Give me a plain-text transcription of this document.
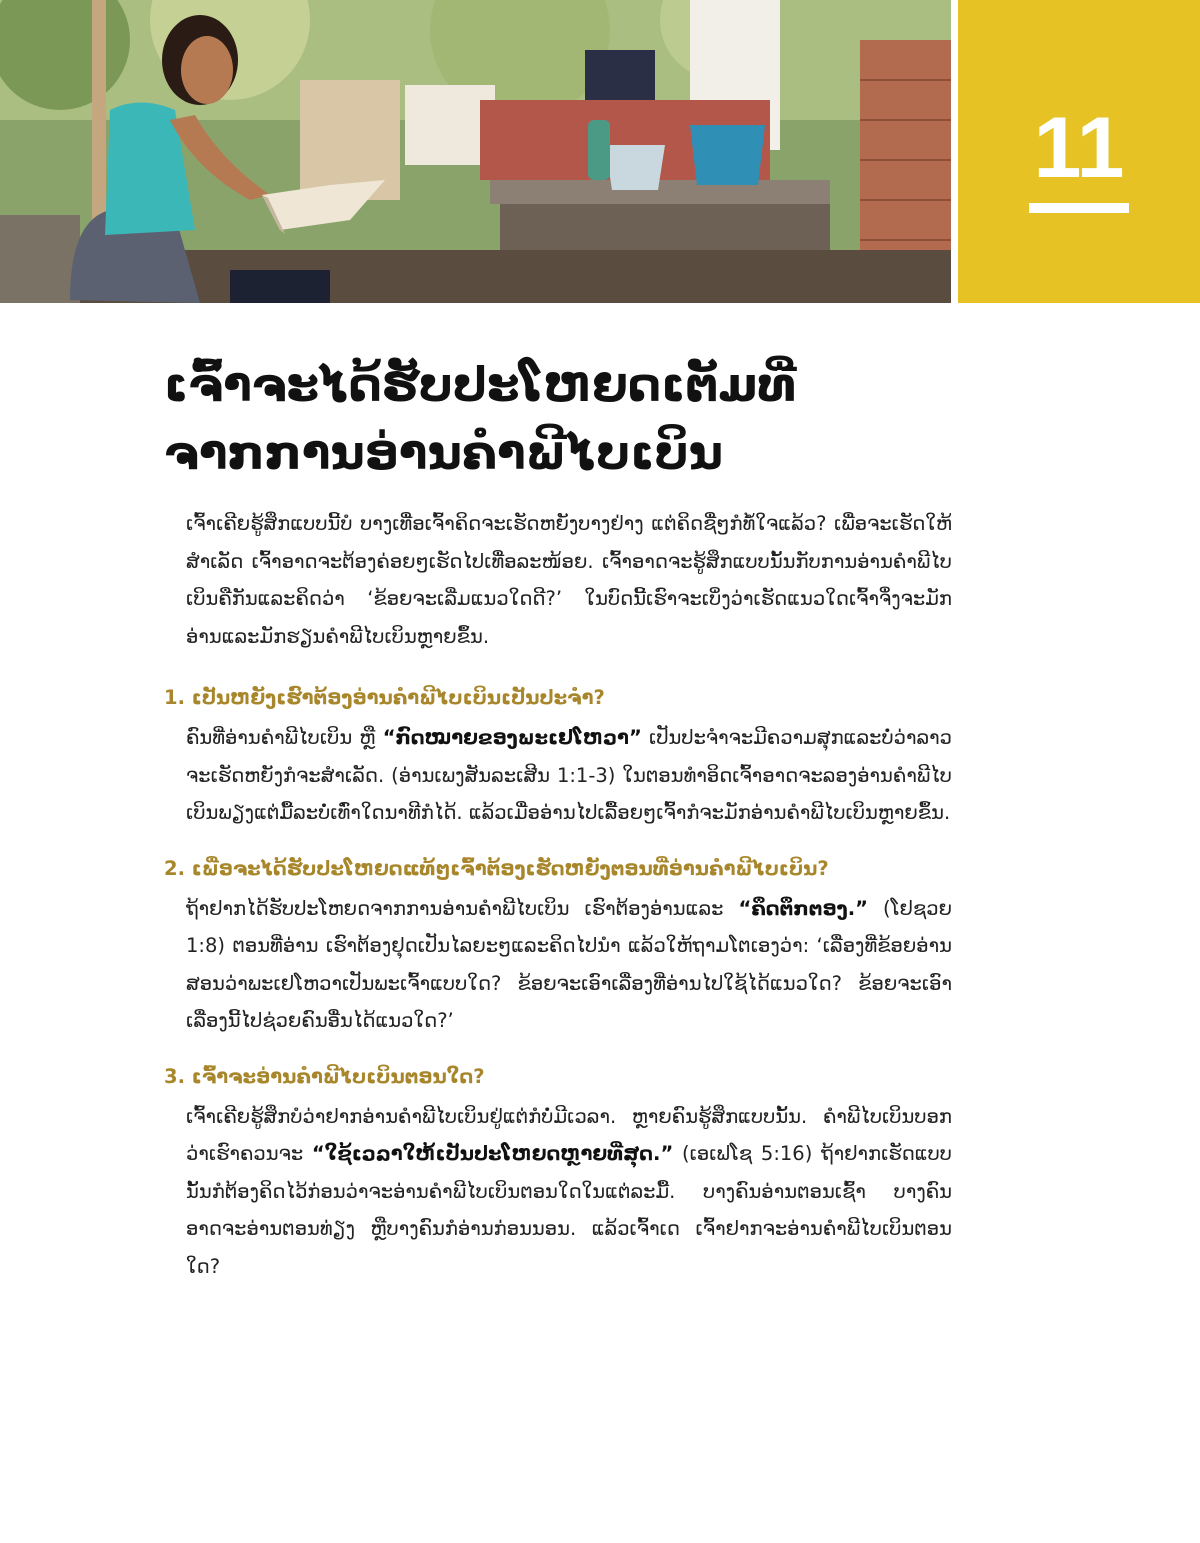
11
ເຈົ້າຈະໄດ້ຮັບປະໂຫຍດເຕັມທີ່
ຈາກການອ່ານຄຳພີໄບເບິນ

ເຈົ້າເຄີຍຮູ້ສຶກແບບນີ້ບໍ ບາງເທື່ອເຈົ້າຄິດຈະເຮັດຫຍັງບາງຢ່າງ ແຕ່ຄິດຊື່ໆກໍທໍ້ໃຈແລ້ວ? ເພື່ອຈະເຮັດໃຫ້ສຳເລັດ ເຈົ້າອາດຈະຕ້ອງຄ່ອຍໆເຮັດໄປເທື່ອລະໜ້ອຍ. ເຈົ້າອາດຈະຮູ້ສຶກແບບນັ້ນກັບການອ່ານຄຳພີໄບເບິນຄືກັນແລະຄິດວ່າ ‘ຂ້ອຍຈະເລີ່ມແນວໃດດີ?’ ໃນບົດນີ້ເຮົາຈະເບິ່ງວ່າເຮັດແນວໃດເຈົ້າຈຶ່ງຈະມັກອ່ານແລະມັກຮຽນຄຳພີໄບເບິນຫຼາຍຂຶ້ນ.

1. ເປັນຫຍັງເຮົາຕ້ອງອ່ານຄຳພີໄບເບິນເປັນປະຈຳ?

ຄົນທີ່ອ່ານຄຳພີໄບເບິນ ຫຼື “ກົດໝາຍຂອງພະເຢໂຫວາ” ເປັນປະຈຳຈະມີຄວາມສຸກແລະບໍ່ວ່າລາວຈະເຮັດຫຍັງກໍຈະສຳເລັດ. (ອ່ານເພງສັນລະເສີນ 1:1-3) ໃນຕອນທຳອິດເຈົ້າອາດຈະລອງອ່ານຄຳພີໄບເບິນພຽງແຕ່ມື້ລະບໍ່ເທົ່າໃດນາທີກໍໄດ້. ແລ້ວເມື່ອອ່ານໄປເລື້ອຍໆເຈົ້າກໍຈະມັກອ່ານຄຳພີໄບເບິນຫຼາຍຂຶ້ນ.

2. ເພື່ອຈະໄດ້ຮັບປະໂຫຍດແທ້ໆເຈົ້າຕ້ອງເຮັດຫຍັງຕອນທີ່ອ່ານຄຳພີໄບເບິນ?

ຖ້າຢາກໄດ້ຮັບປະໂຫຍດຈາກການອ່ານຄຳພີໄບເບິນ ເຮົາຕ້ອງອ່ານແລະ “ຄຶດຕຶກຕອງ.” (ໂຢຊວຍ 1:8) ຕອນທີ່ອ່ານ ເຮົາຕ້ອງຢຸດເປັນໄລຍະໆແລະຄິດໄປນຳ ແລ້ວໃຫ້ຖາມໂຕເອງວ່າ: ‘ເລື່ອງທີ່ຂ້ອຍອ່ານສອນວ່າພະເຢໂຫວາເປັນພະເຈົ້າແບບໃດ? ຂ້ອຍຈະເອົາເລື່ອງທີ່ອ່ານໄປໃຊ້ໄດ້ແນວໃດ? ຂ້ອຍຈະເອົາເລື່ອງນີ້ໄປຊ່ວຍຄົນອື່ນໄດ້ແນວໃດ?’

3. ເຈົ້າຈະອ່ານຄຳພີໄບເບິນຕອນໃດ?

ເຈົ້າເຄີຍຮູ້ສຶກບໍວ່າຢາກອ່ານຄຳພີໄບເບິນຢູ່ແຕ່ກໍບໍ່ມີເວລາ. ຫຼາຍຄົນຮູ້ສຶກແບບນັ້ນ. ຄຳພີໄບເບິນບອກວ່າເຮົາຄວນຈະ “ໃຊ້ເວລາໃຫ້ເປັນປະໂຫຍດຫຼາຍທີ່ສຸດ.” (ເອເຟໂຊ 5:16) ຖ້າຢາກເຮັດແບບນັ້ນກໍຕ້ອງຄິດໄວ້ກ່ອນວ່າຈະອ່ານຄຳພີໄບເບິນຕອນໃດໃນແຕ່ລະມື້. ບາງຄົນອ່ານຕອນເຊົ້າ ບາງຄົນອາດຈະອ່ານຕອນທ່ຽງ ຫຼືບາງຄົນກໍອ່ານກ່ອນນອນ. ແລ້ວເຈົ້າເດ ເຈົ້າຢາກຈະອ່ານຄຳພີໄບເບິນຕອນໃດ?
